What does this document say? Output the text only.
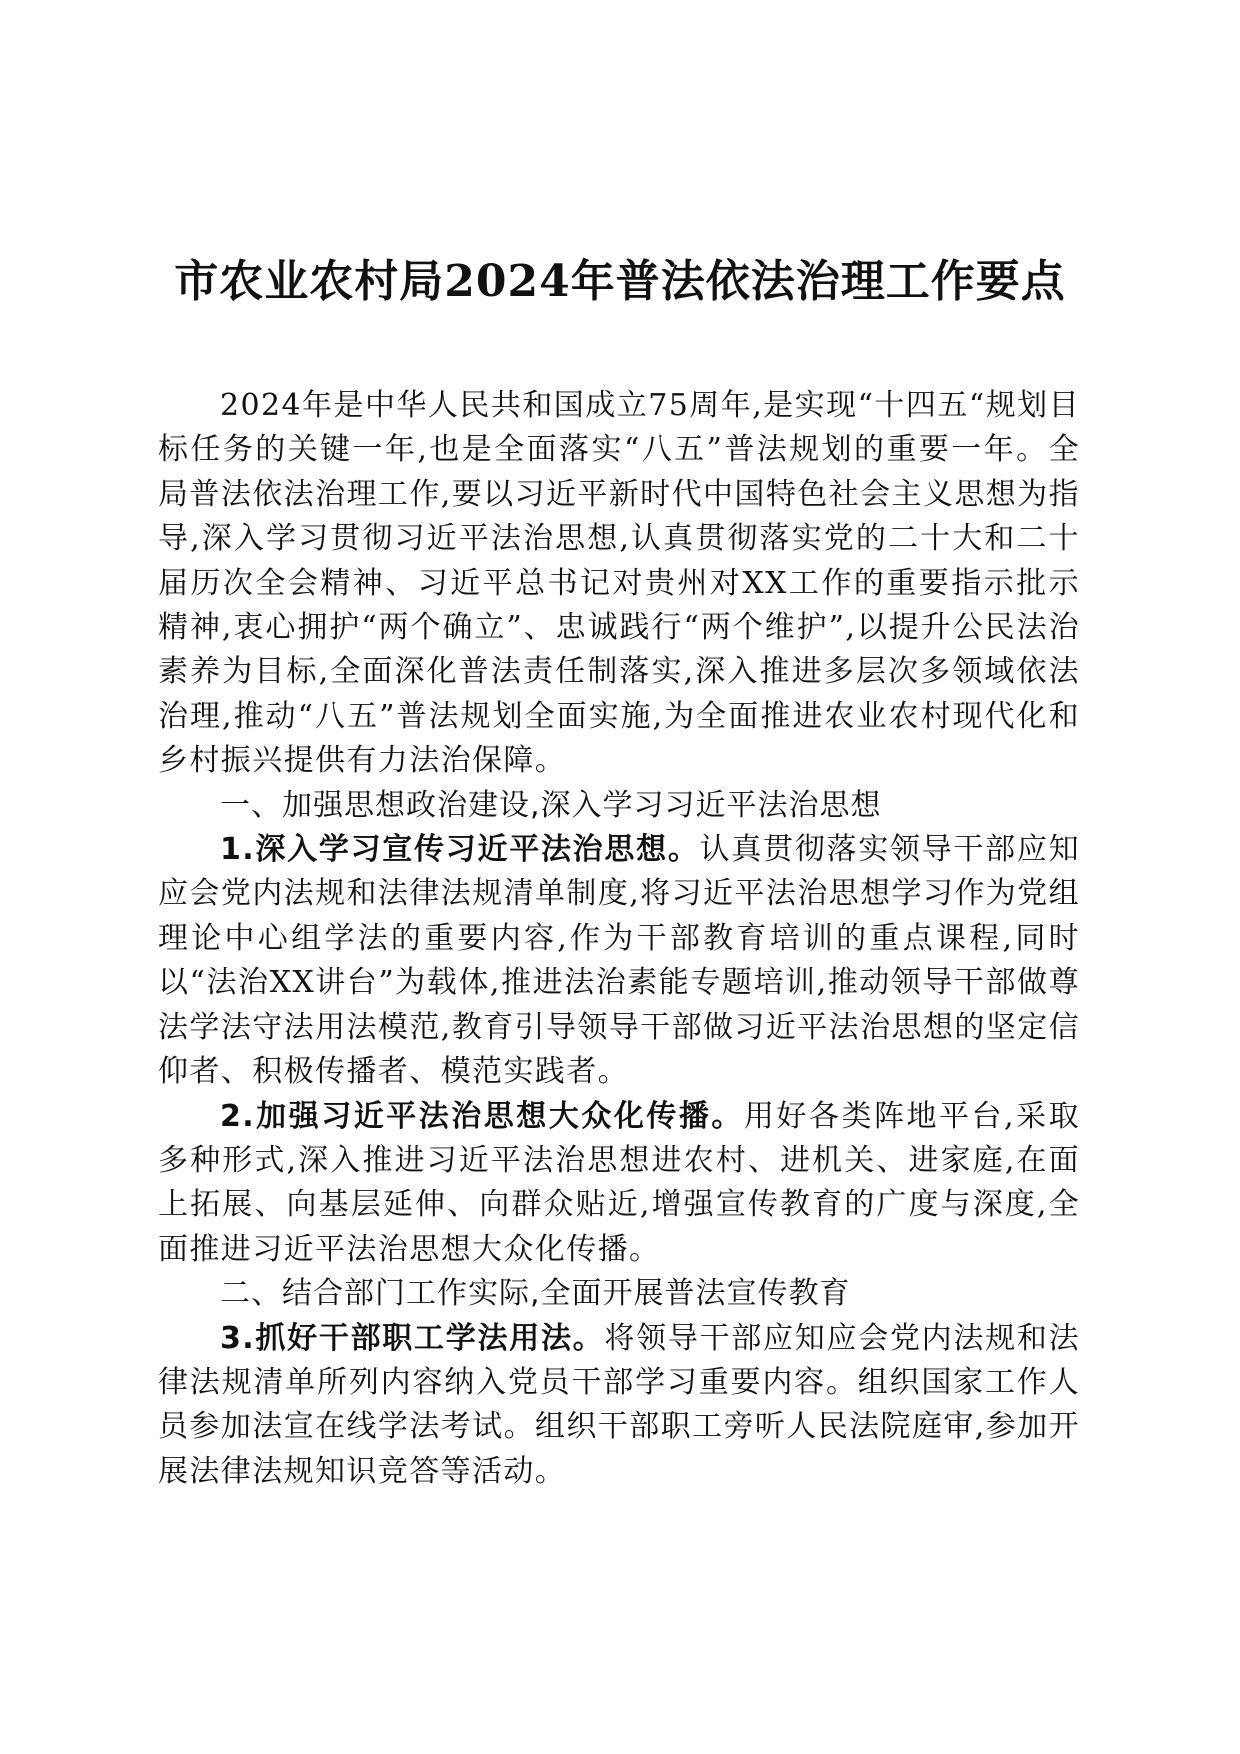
市农业农村局2024年普法依法治理工作要点

2024年是中华人民共和国成立75周年,是实现“十四五“规划目标任务的关键一年,也是全面落实“八五”普法规划的重要一年。全局普法依法治理工作,要以习近平新时代中国特色社会主义思想为指导,深入学习贯彻习近平法治思想,认真贯彻落实党的二十大和二十届历次全会精神、习近平总书记对贵州对XX工作的重要指示批示精神,衷心拥护“两个确立”、忠诚践行“两个维护”,以提升公民法治素养为目标,全面深化普法责任制落实,深入推进多层次多领域依法治理,推动“八五”普法规划全面实施,为全面推进农业农村现代化和乡村振兴提供有力法治保障。

一、加强思想政治建设,深入学习习近平法治思想

1.深入学习宣传习近平法治思想。认真贯彻落实领导干部应知应会党内法规和法律法规清单制度,将习近平法治思想学习作为党组理论中心组学法的重要内容,作为干部教育培训的重点课程,同时以“法治XX讲台”为载体,推进法治素能专题培训,推动领导干部做尊法学法守法用法模范,教育引导领导干部做习近平法治思想的坚定信仰者、积极传播者、模范实践者。

2.加强习近平法治思想大众化传播。用好各类阵地平台,采取多种形式,深入推进习近平法治思想进农村、进机关、进家庭,在面上拓展、向基层延伸、向群众贴近,增强宣传教育的广度与深度,全面推进习近平法治思想大众化传播。

二、结合部门工作实际,全面开展普法宣传教育

3.抓好干部职工学法用法。将领导干部应知应会党内法规和法律法规清单所列内容纳入党员干部学习重要内容。组织国家工作人员参加法宣在线学法考试。组织干部职工旁听人民法院庭审,参加开展法律法规知识竞答等活动。
